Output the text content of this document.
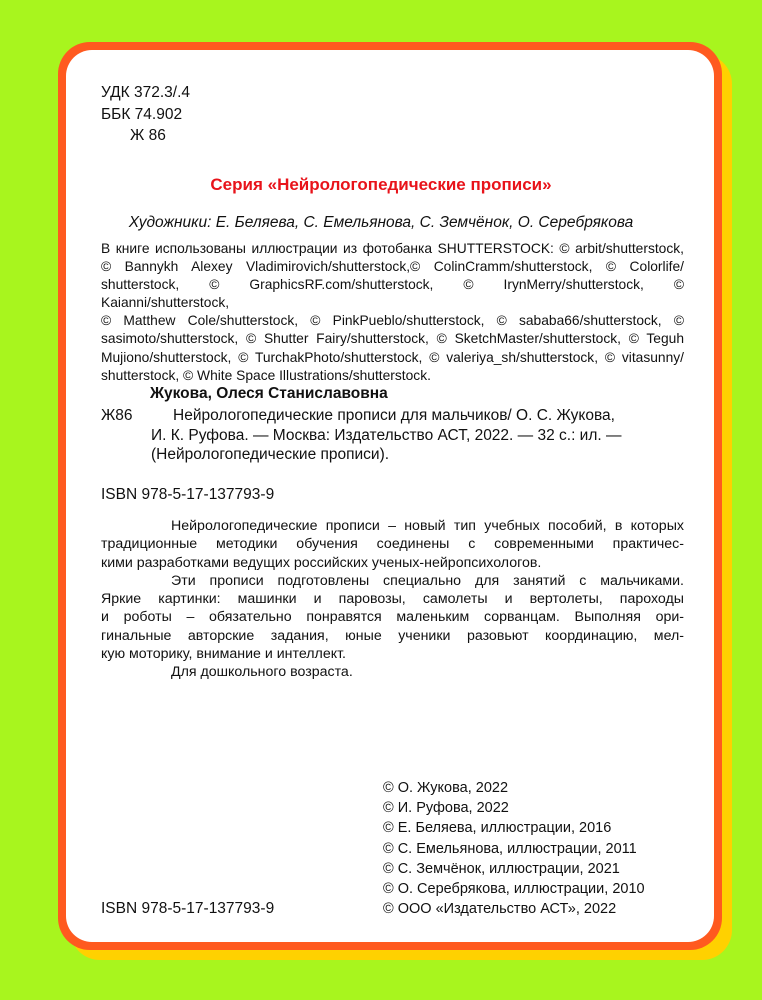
УДК 372.3/.4
ББК 74.902
Ж 86
Серия «Нейрологопедические прописи»
Художники: Е. Беляева, С. Емельянова, С. Земчёнок, О. Серебрякова
В книге использованы иллюстрации из фотобанка SHUTTERSTOCK: © arbit/shutterstock,
© Bannykh Alexey Vladimirovich/shutterstock,© ColinCramm/shutterstock, © Colorlife/
shutterstock, © GraphicsRF.com/shutterstock, © IrynMerry/shutterstock, © Kaianni/shutterstock,
© Matthew Cole/shutterstock, © PinkPueblo/shutterstock, © sababa66/shutterstock, ©
sasimoto/shutterstock, © Shutter Fairy/shutterstock, © SketchMaster/shutterstock, © Teguh
Mujiono/shutterstock, © TurchakPhoto/shutterstock, © valeriya_sh/shutterstock, © vitasunny/
shutterstock, © White Space Illustrations/shutterstock.
Жукова, Олеся Станиславовна
Ж86	Нейрологопедические прописи для мальчиков/ О. С. Жукова,
И. К. Руфова. — Москва: Издательство АСТ, 2022. — 32 с.: ил. —
(Нейрологопедические прописи).
ISBN 978-5-17-137793-9
Нейрологопедические прописи – новый тип учебных пособий, в которых
традиционные методики обучения соединены с современными практичес-
кими разработками ведущих российских ученых-нейропсихологов.
Эти прописи подготовлены специально для занятий с мальчиками.
Яркие картинки: машинки и паровозы, самолеты и вертолеты, пароходы
и роботы – обязательно понравятся маленьким сорванцам. Выполняя ори-
гинальные авторские задания, юные ученики разовьют координацию, мел-
кую моторику, внимание и интеллект.
Для дошкольного возраста.
© О. Жукова, 2022
© И. Руфова, 2022
© Е. Беляева, иллюстрации, 2016
© С. Емельянова, иллюстрации, 2011
© С. Земчёнок, иллюстрации, 2021
© О. Серебрякова, иллюстрации, 2010
© ООО «Издательство АСТ», 2022
ISBN 978-5-17-137793-9
